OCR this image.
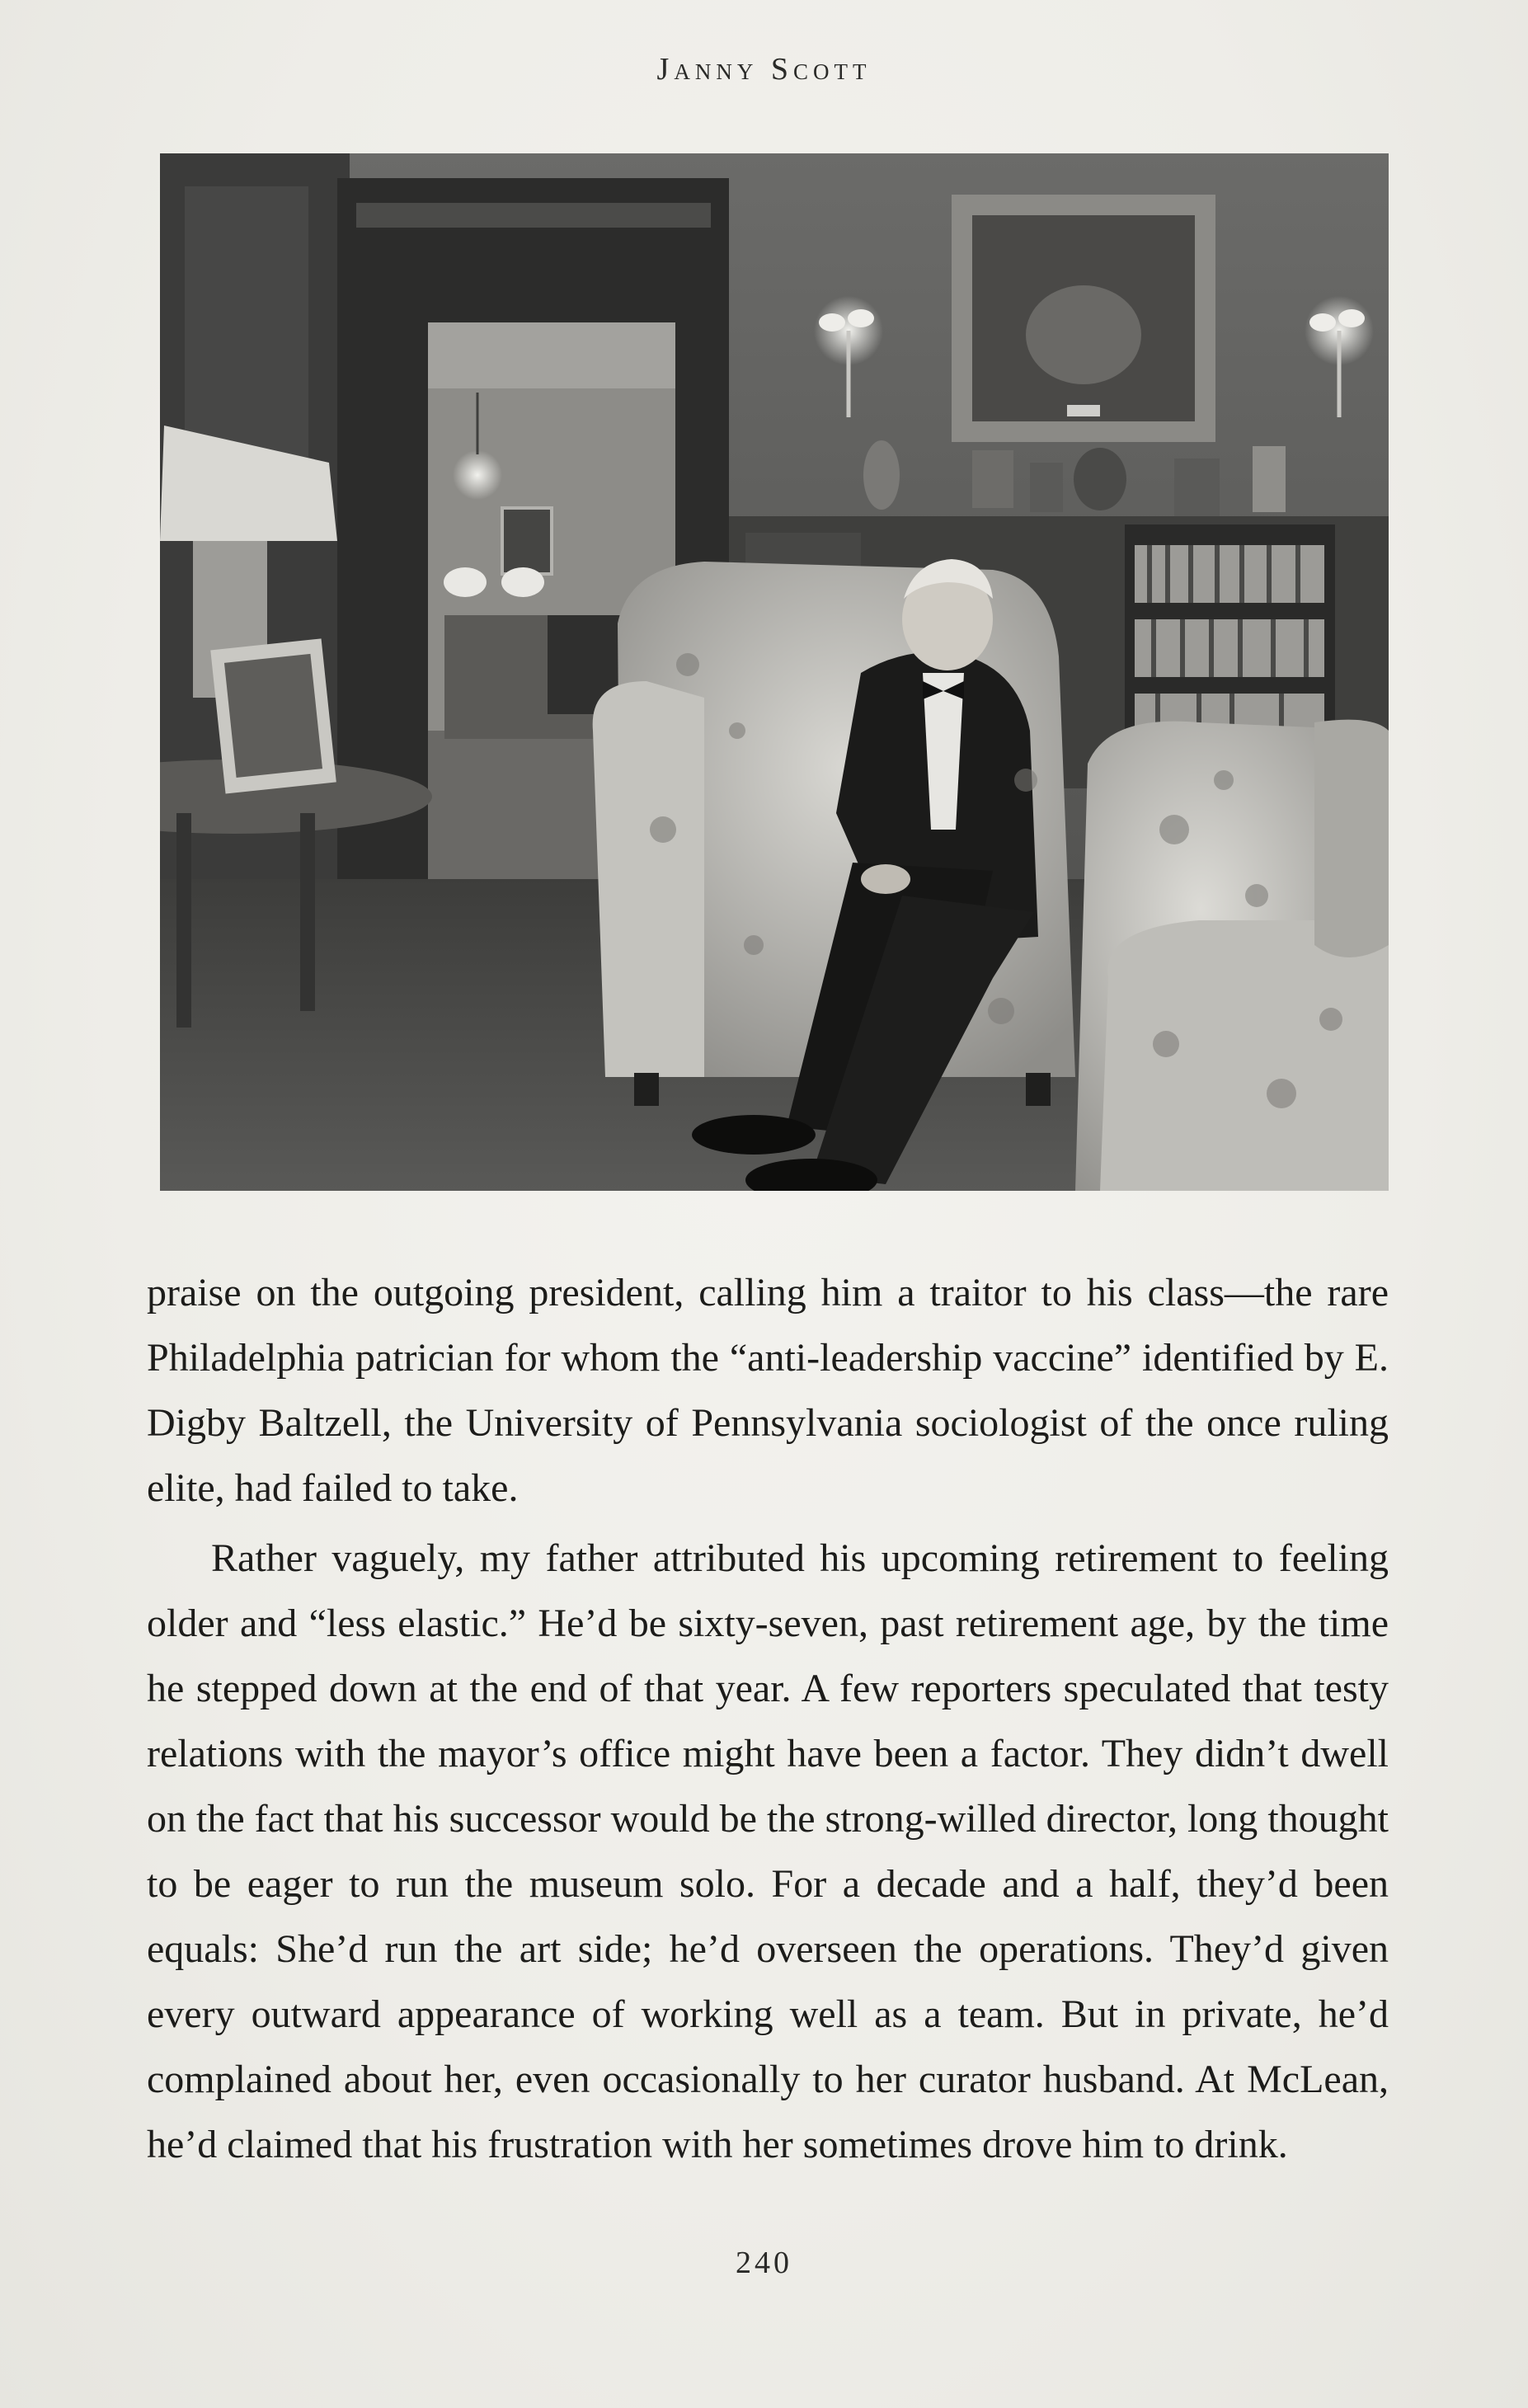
Janny Scott

praise on the outgoing president, calling him a traitor to his class—the rare Philadelphia patrician for whom the “anti-leadership vaccine” identified by E. Digby Baltzell, the University of Pennsylvania sociologist of the once ruling elite, had failed to take.

Rather vaguely, my father attributed his upcoming retirement to feeling older and “less elastic.” He’d be sixty-seven, past retirement age, by the time he stepped down at the end of that year. A few reporters speculated that testy relations with the mayor’s office might have been a factor. They didn’t dwell on the fact that his successor would be the strong-willed director, long thought to be eager to run the museum solo. For a decade and a half, they’d been equals: She’d run the art side; he’d overseen the operations. They’d given every outward appearance of working well as a team. But in private, he’d complained about her, even occasionally to her curator husband. At McLean, he’d claimed that his frustration with her sometimes drove him to drink.

240
